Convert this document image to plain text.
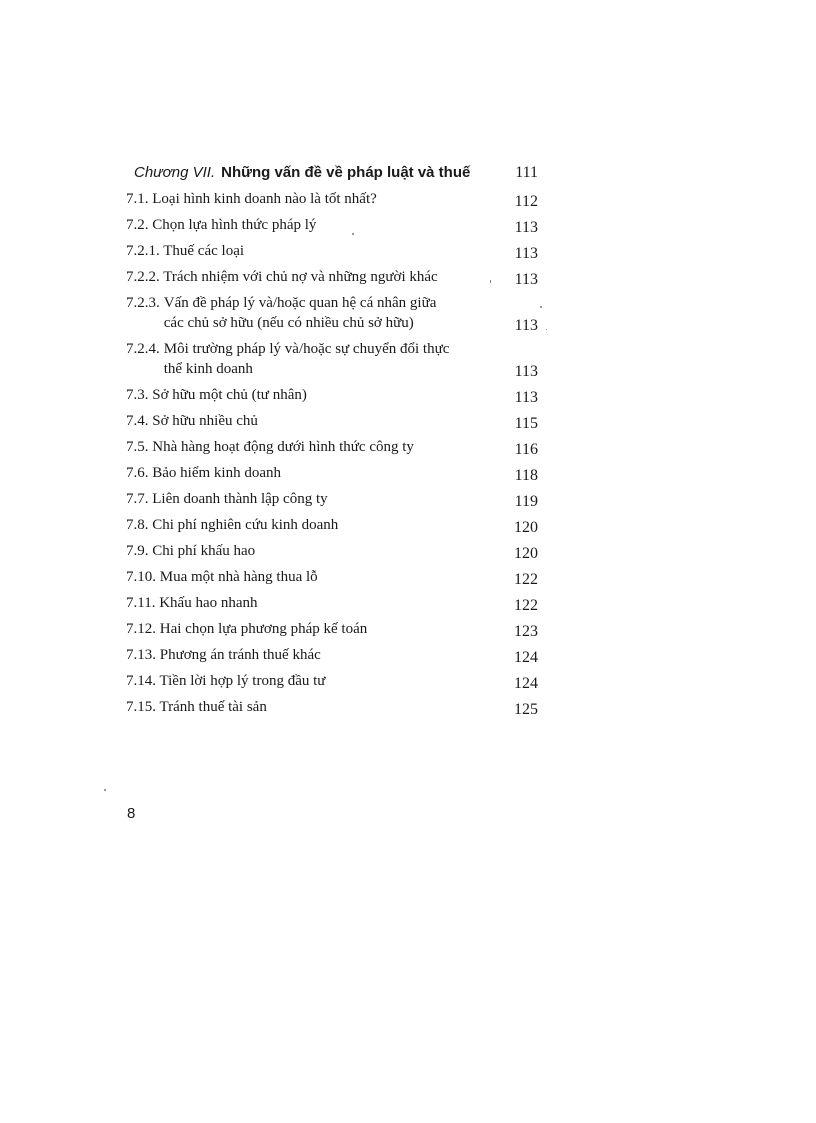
Chương VII. Những vấn đề về pháp luật và thuế	111
7.1. Loại hình kinh doanh nào là tốt nhất?	112
7.2. Chọn lựa hình thức pháp lý	113
7.2.1. Thuế các loại	113
7.2.2. Trách nhiệm với chủ nợ và những người khác	113
7.2.3. Vấn đề pháp lý và/hoặc quan hệ cá nhân giữa
các chủ sở hữu (nếu có nhiều chủ sở hữu)	113
7.2.4. Môi trường pháp lý và/hoặc sự chuyển đổi thực
thể kinh doanh	113
7.3. Sở hữu một chủ (tư nhân)	113
7.4. Sở hữu nhiều chủ	115
7.5. Nhà hàng hoạt động dưới hình thức công ty	116
7.6. Bảo hiểm kinh doanh	118
7.7. Liên doanh thành lập công ty	119
7.8. Chi phí nghiên cứu kinh doanh	120
7.9. Chi phí khấu hao	120
7.10. Mua một nhà hàng thua lỗ	122
7.11. Khấu hao nhanh	122
7.12. Hai chọn lựa phương pháp kế toán	123
7.13. Phương án tránh thuế khác	124
7.14. Tiền lời hợp lý trong đầu tư	124
7.15. Tránh thuế tài sản	125
8
